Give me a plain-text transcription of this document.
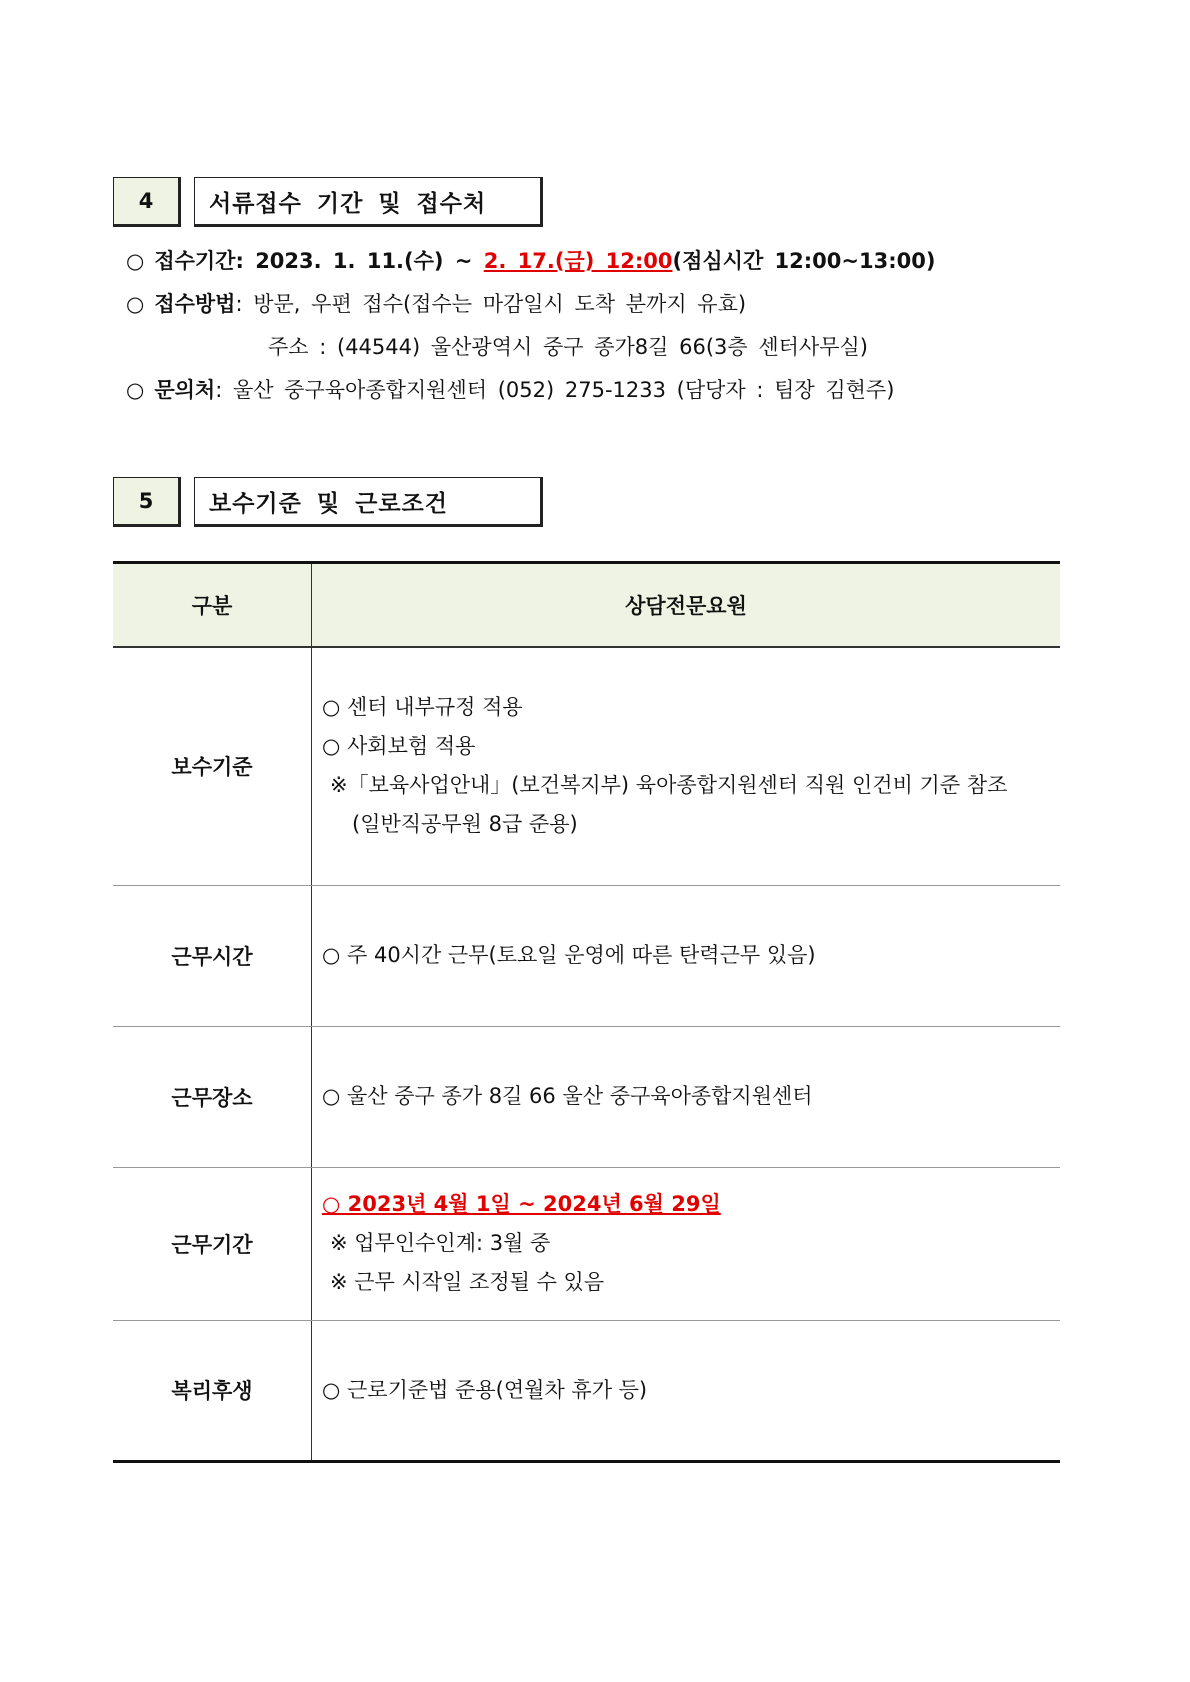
4	서류접수 기간 및 접수처
○ 접수기간: 2023. 1. 11.(수) ~ 2. 17.(금) 12:00(점심시간 12:00~13:00)
○ 접수방법: 방문, 우편 접수(접수는 마감일시 도착 분까지 유효)
주소 : (44544) 울산광역시 중구 종가8길 66(3층 센터사무실)
○ 문의처: 울산 중구육아종합지원센터 (052) 275-1233 (담당자 : 팀장 김현주)
5	보수기준 및 근로조건
구분	상담전문요원
보수기준	○ 센터 내부규정 적용
○ 사회보험 적용
※「보육사업안내」(보건복지부) 육아종합지원센터 직원 인건비 기준 참조
(일반직공무원 8급 준용)

근무시간	○ 주 40시간 근무(토요일 운영에 따른 탄력근무 있음)

근무장소	○ 울산 중구 종가 8길 66 울산 중구육아종합지원센터

근무기간	○ 2023년 4월 1일 ~ 2024년 6월 29일
※ 업무인수인계: 3월 중
※ 근무 시작일 조정될 수 있음

복리후생	○ 근로기준법 준용(연월차 휴가 등)
